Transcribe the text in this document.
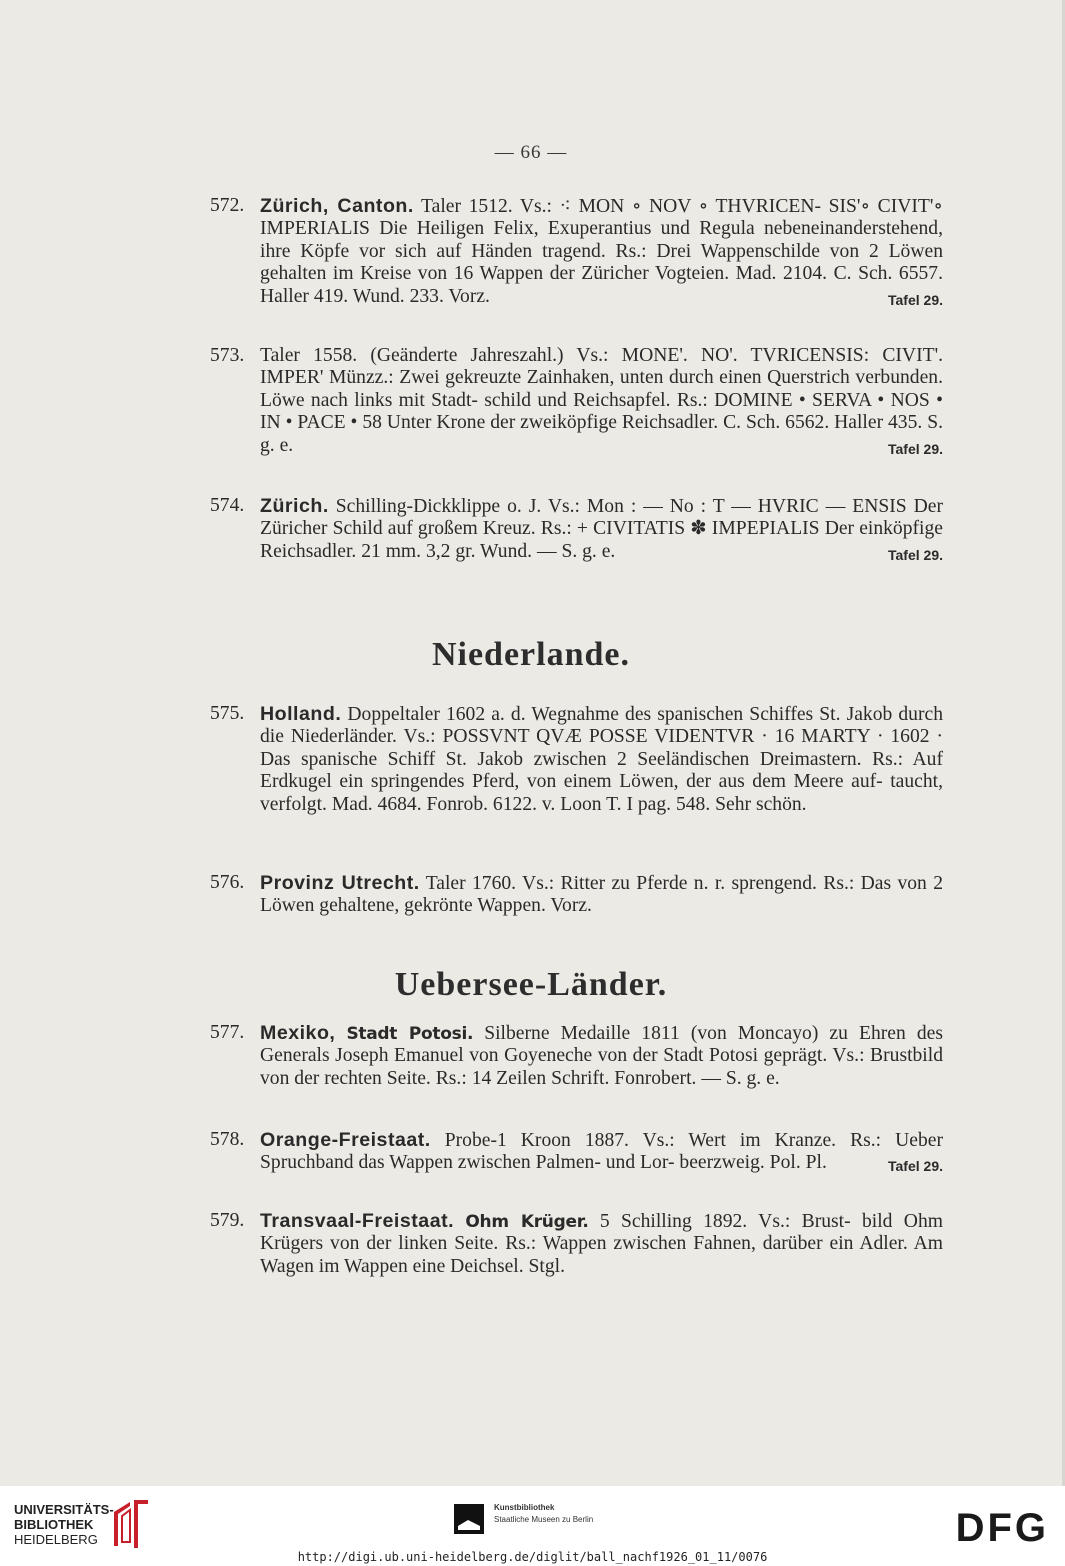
— 66 —
572. Zürich, Canton. Taler 1512. Vs.: ⁖ MON ∘ NOV ∘ THVRICEN- SIS'∘ CIVIT'∘ IMPERIALIS Die Heiligen Felix, Exuperantius und Regula nebeneinanderstehend, ihre Köpfe vor sich auf Händen tragend. Rs.: Drei Wappenschilde von 2 Löwen gehalten im Kreise von 16 Wappen der Züricher Vogteien. Mad. 2104. C. Sch. 6557. Haller 419. Wund. 233. Vorz.	Tafel 29.
573. Taler 1558. (Geänderte Jahreszahl.) Vs.: MONE'. NO'. TVRICENSIS: CIVIT'. IMPER' Münzz.: Zwei gekreuzte Zainhaken, unten durch einen Querstrich verbunden. Löwe nach links mit Stadt- schild und Reichsapfel. Rs.: DOMINE • SERVA • NOS • IN • PACE • 58 Unter Krone der zweiköpfige Reichsadler. C. Sch. 6562. Haller 435. S. g. e.	Tafel 29.
574. Zürich. Schilling-Dickklippe o. J. Vs.: Mon : — No : T — HVRIC — ENSIS Der Züricher Schild auf großem Kreuz. Rs.: + CIVITATIS ✽ IMPEPIALIS Der einköpfige Reichsadler. 21 mm. 3,2 gr. Wund. — S. g. e.	Tafel 29.
Niederlande.
575. Holland. Doppeltaler 1602 a. d. Wegnahme des spanischen Schiffes St. Jakob durch die Niederländer. Vs.: POSSVNT QVÆ POSSE VIDENTVR · 16 MARTY · 1602 · Das spanische Schiff St. Jakob zwischen 2 Seeländischen Dreimastern. Rs.: Auf Erdkugel ein springendes Pferd, von einem Löwen, der aus dem Meere auf- taucht, verfolgt. Mad. 4684. Fonrob. 6122. v. Loon T. I pag. 548. Sehr schön.
576. Provinz Utrecht. Taler 1760. Vs.: Ritter zu Pferde n. r. sprengend. Rs.: Das von 2 Löwen gehaltene, gekrönte Wappen. Vorz.
Uebersee-Länder.
577. Mexiko, Stadt Potosi. Silberne Medaille 1811 (von Moncayo) zu Ehren des Generals Joseph Emanuel von Goyeneche von der Stadt Potosi geprägt. Vs.: Brustbild von der rechten Seite. Rs.: 14 Zeilen Schrift. Fonrobert. — S. g. e.
578. Orange-Freistaat. Probe-1 Kroon 1887. Vs.: Wert im Kranze. Rs.: Ueber Spruchband das Wappen zwischen Palmen- und Lor- beerzweig. Pol. Pl.	Tafel 29.
579. Transvaal-Freistaat. Ohm Krüger. 5 Schilling 1892. Vs.: Brust- bild Ohm Krügers von der linken Seite. Rs.: Wappen zwischen Fahnen, darüber ein Adler. Am Wagen im Wappen eine Deichsel. Stgl.
UNIVERSITÄTS-
BIBLIOTHEK
HEIDELBERG
Kunstbibliothek
Staatliche Museen zu Berlin	DFG
http://digi.ub.uni-heidelberg.de/diglit/ball_nachf1926_01_11/0076
